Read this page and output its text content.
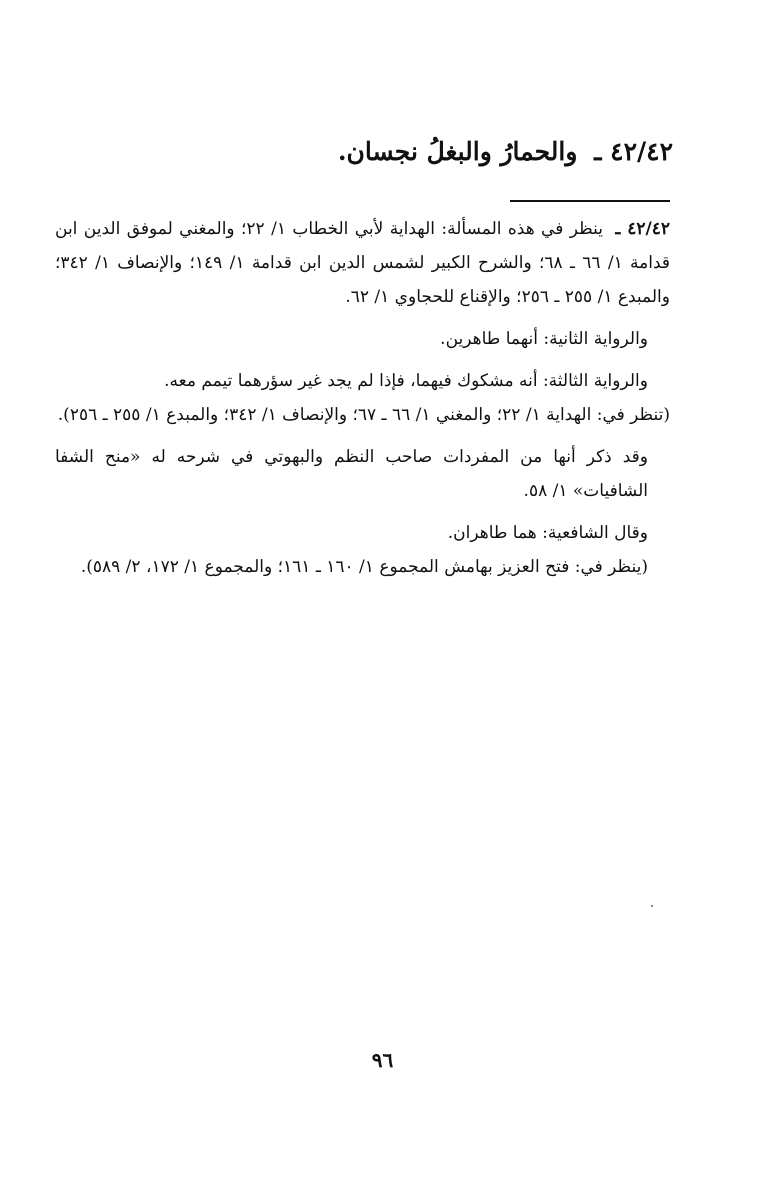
٤٢/٤٢ ـ والحمارُ والبغلُ نجسان.
٤٢/٤٢ ـ ينظر في هذه المسألة: الهداية لأبي الخطاب ١/ ٢٢؛ والمغني لموفق الدين ابن قدامة ١/ ٦٦ ـ ٦٨؛ والشرح الكبير لشمس الدين ابن قدامة ١/ ١٤٩؛ والإنصاف ١/ ٣٤٢؛ والمبدع ١/ ٢٥٥ ـ ٢٥٦؛ والإقناع للحجاوي ١/ ٦٢.
والرواية الثانية: أنهما طاهرين.
والرواية الثالثة: أنه مشكوك فيهما، فإذا لم يجد غير سؤرهما تيمم معه.
(تنظر في: الهداية ١/ ٢٢؛ والمغني ١/ ٦٦ ـ ٦٧؛ والإنصاف ١/ ٣٤٢؛ والمبدع ١/ ٢٥٥ ـ ٢٥٦).
وقد ذكر أنها من المفردات صاحب النظم والبهوتي في شرحه له «منح الشفا الشافيات» ١/ ٥٨.
وقال الشافعية: هما طاهران.
(ينظر في: فتح العزيز بهامش المجموع ١/ ١٦٠ ـ ١٦١؛ والمجموع ١/ ١٧٢، ٢/ ٥٨٩).
٩٦
